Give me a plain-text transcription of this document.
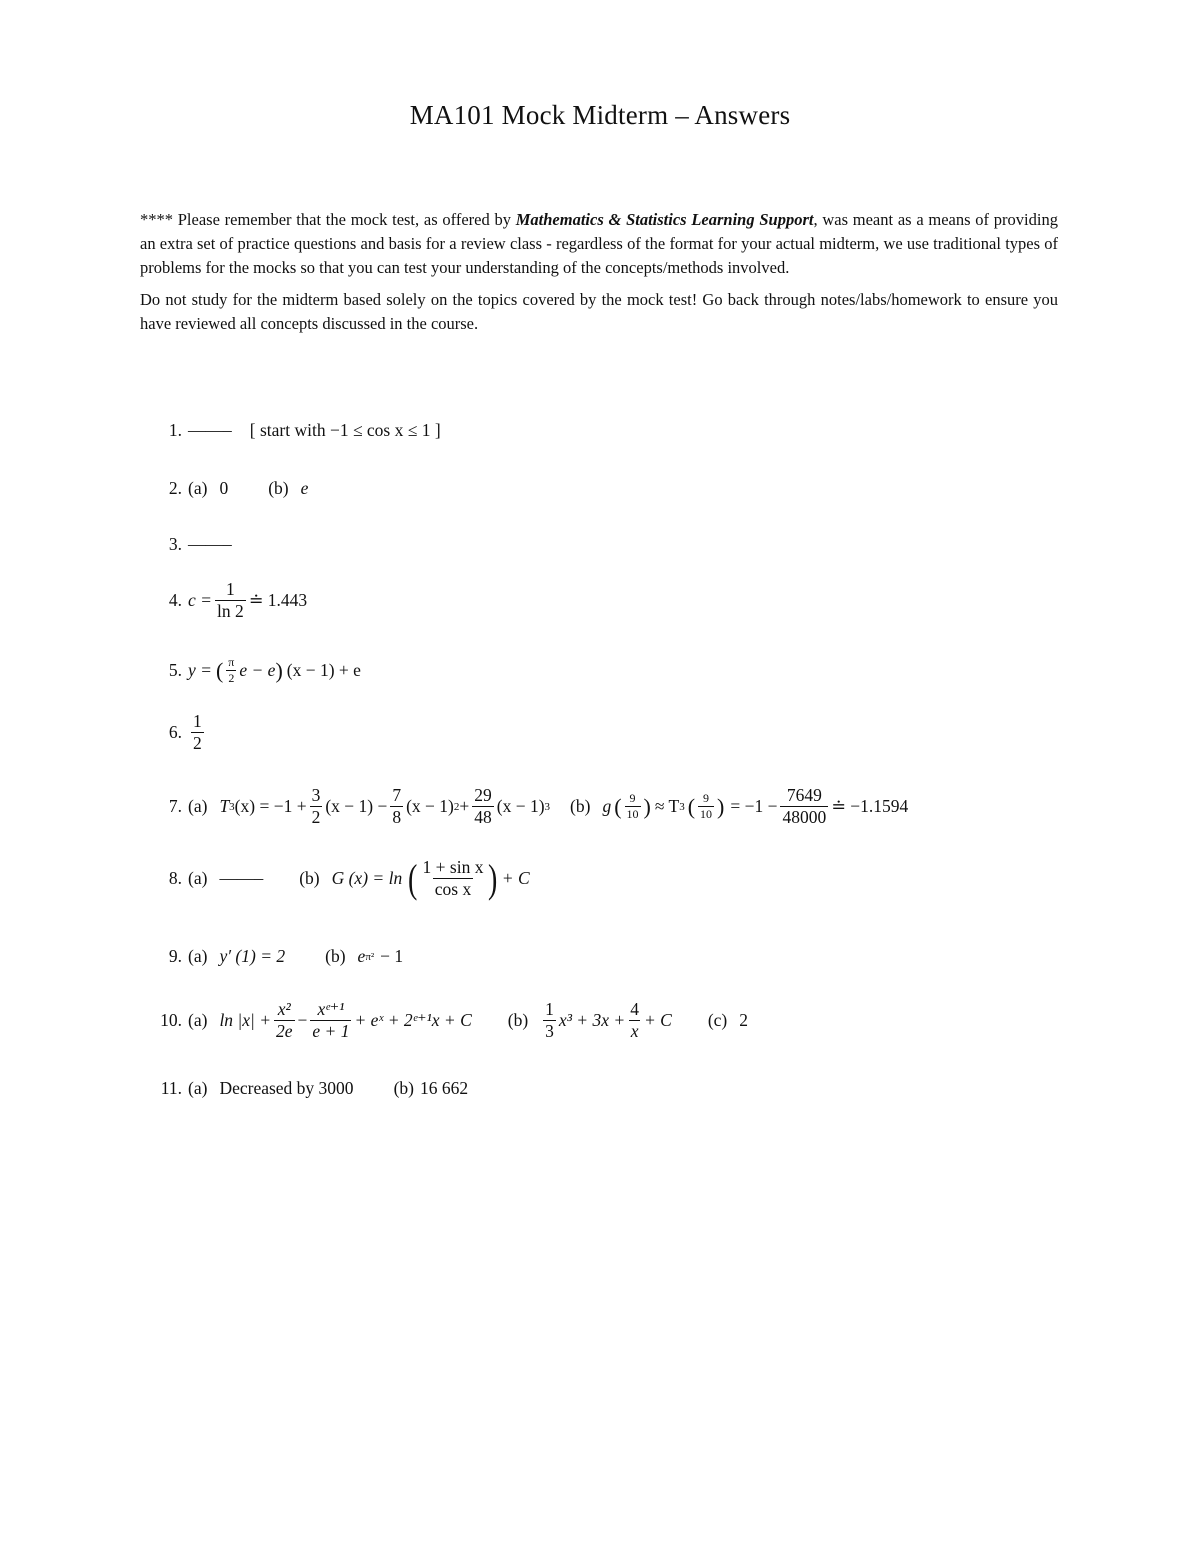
MA101 Mock Midterm – Answers

**** Please remember that the mock test, as offered by Mathematics & Statistics Learning Support, was meant as a means of providing an extra set of practice questions and basis for a review class - regardless of the format for your actual midterm, we use traditional types of problems for the mocks so that you can test your understanding of the concepts/methods involved.

Do not study for the midterm based solely on the topics covered by the mock test! Go back through notes/labs/homework to ensure you have reviewed all concepts discussed in the course.

1. ——– [ start with −1 ≤ cos x ≤ 1 ]
2. (a) 0 (b) e
3. ——–
4. $c = \frac{1}{\ln 2}$ ≐ 1.443
5. y = ( $\frac{\pi}{2}$ e − e ) (x − 1) + e
6. $\frac{1}{2}$
7. (a) T 3 $(x) = -1 + \frac{3}{2} (x - 1) - \frac{7}{8} (x - 1) 2 + \frac{29}{48} (x - 1)$ 3 (b) g ( $\frac{9}{10}$ ) ≈ T 3 ( $\frac{9}{10}$ ) = $-1 - \frac{7649}{48000}$ ≐ −1.1594
8. (a) ——– (b) G (x) = ln ( $\frac{\text{1 + sin x}}{\text{cos x}}$ ) + C
9. (a) y′ (1) = 2 (b) e π² − 1
10. (a) $\ln |x| + \frac{\text{x²}}{2e} - \frac{\text{xᵉ⁺¹}}{e + 1}$ + eˣ + 2ᵉ⁺¹x + C $(b) \frac{1}{3} x^3 + 3x + \frac{4}{x} + C$ (c) 2
11. (a) Decreased by 3000 (b) 16 662
